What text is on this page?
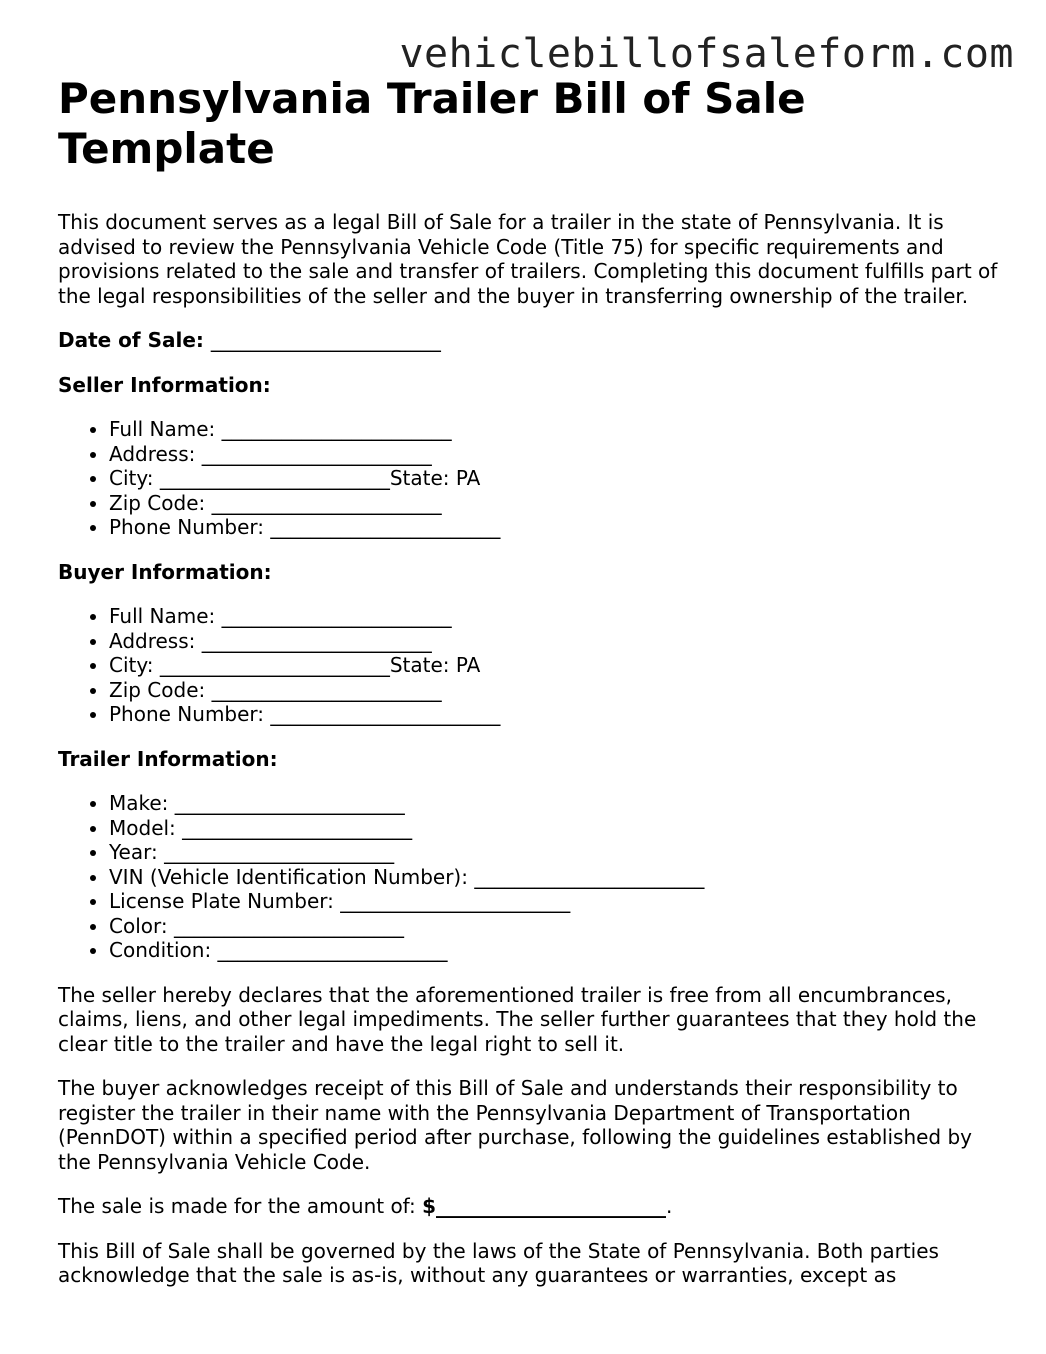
vehiclebillofsaleform.com
Pennsylvania Trailer Bill of Sale Template

This document serves as a legal Bill of Sale for a trailer in the state of Pennsylvania. It is advised to review the Pennsylvania Vehicle Code (Title 75) for specific requirements and provisions related to the sale and transfer of trailers. Completing this document fulfills part of the legal responsibilities of the seller and the buyer in transferring ownership of the trailer.

Date of Sale: _______________________

Seller Information:

• Full Name: _______________________
• Address: _______________________
• City: _______________________State: PA
• Zip Code: _______________________
• Phone Number: _______________________

Buyer Information:

• Full Name: _______________________
• Address: _______________________
• City: _______________________State: PA
• Zip Code: _______________________
• Phone Number: _______________________

Trailer Information:

• Make: _______________________
• Model: _______________________
• Year: _______________________
• VIN (Vehicle Identification Number): _______________________
• License Plate Number: _______________________
• Color: _______________________
• Condition: _______________________

The seller hereby declares that the aforementioned trailer is free from all encumbrances, claims, liens, and other legal impediments. The seller further guarantees that they hold the clear title to the trailer and have the legal right to sell it.

The buyer acknowledges receipt of this Bill of Sale and understands their responsibility to register the trailer in their name with the Pennsylvania Department of Transportation (PennDOT) within a specified period after purchase, following the guidelines established by the Pennsylvania Vehicle Code.

The sale is made for the amount of: $_______________________.

This Bill of Sale shall be governed by the laws of the State of Pennsylvania. Both parties acknowledge that the sale is as-is, without any guarantees or warranties, except as
